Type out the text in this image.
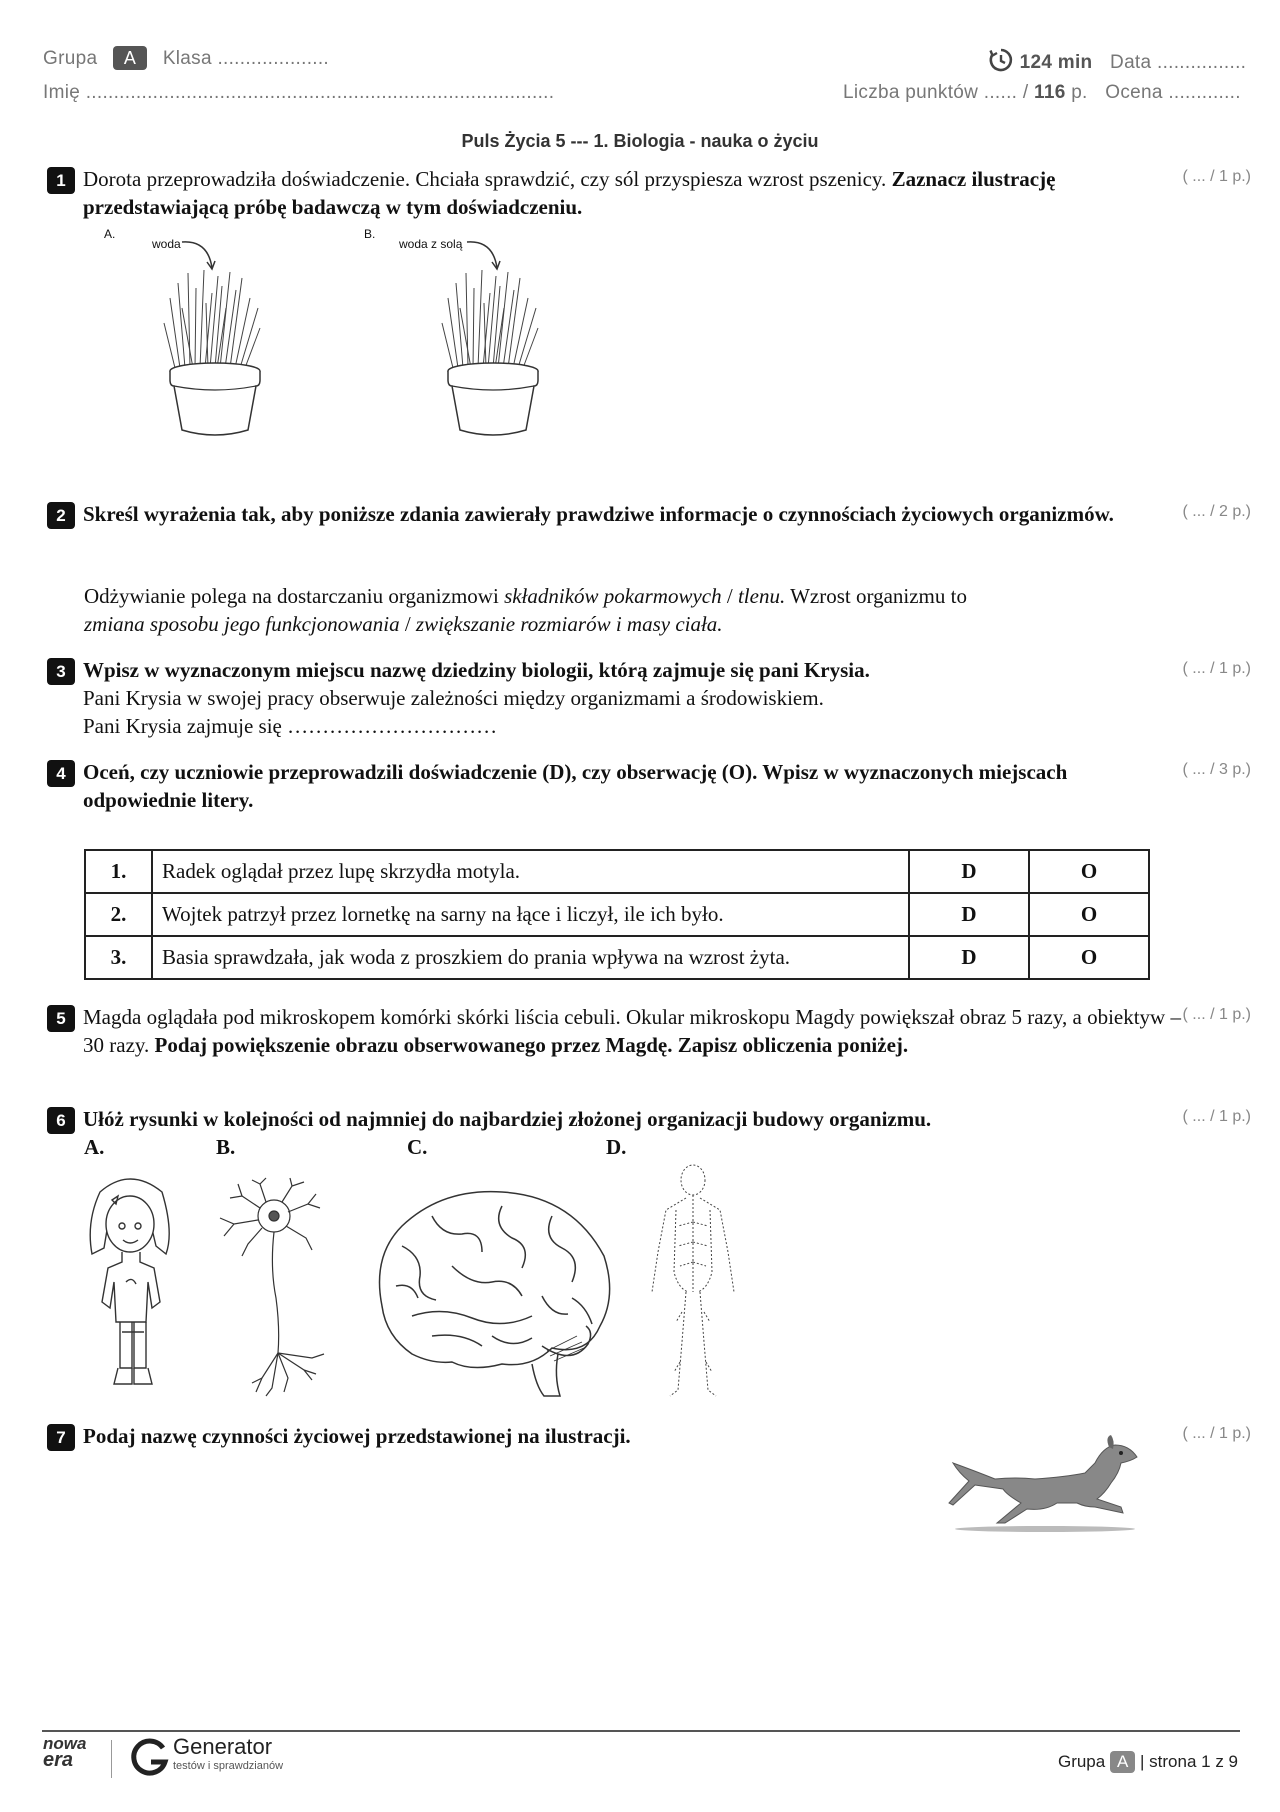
Grupa A Klasa ....................
Imię ....................................................................................
124 min Data ................
Liczba punktów ...... / 116 p. Ocena .............
Puls Życia 5 --- 1. Biologia - nauka o życiu
1 Dorota przeprowadziła doświadczenie. Chciała sprawdzić, czy sól przyspiesza wzrost pszenicy. Zaznacz ilustrację przedstawiającą próbę badawczą w tym doświadczeniu.
( ... / 1 p.)
A.
woda
B.
woda z solą
2 Skreśl wyrażenia tak, aby poniższe zdania zawierały prawdziwe informacje o czynnościach życiowych organizmów.	( ... / 2 p.)
Odżywianie polega na dostarczaniu organizmowi składników pokarmowych / tlenu. Wzrost organizmu to
zmiana sposobu jego funkcjonowania / zwiększanie rozmiarów i masy ciała.
3 Wpisz w wyznaczonym miejscu nazwę dziedziny biologii, którą zajmuje się pani Krysia.
Pani Krysia w swojej pracy obserwuje zależności między organizmami a środowiskiem.
Pani Krysia zajmuje się …………………………
( ... / 1 p.)
4 Oceń, czy uczniowie przeprowadzili doświadczenie (D), czy obserwację (O). Wpisz w wyznaczonych miejscach odpowiednie litery.
( ... / 3 p.)
1.	Radek oglądał przez lupę skrzydła motyla.	D	O
2.	Wojtek patrzył przez lornetkę na sarny na łące i liczył, ile ich było.	D	O
3.	Basia sprawdzała, jak woda z proszkiem do prania wpływa na wzrost żyta.	D	O
5 Magda oglądała pod mikroskopem komórki skórki liścia cebuli. Okular mikroskopu Magdy powiększał obraz 5 razy, a obiektyw – 30 razy. Podaj powiększenie obrazu obserwowanego przez Magdę. Zapisz obliczenia poniżej.
( ... / 1 p.)
6 Ułóż rysunki w kolejności od najmniej do najbardziej złożonej organizacji budowy organizmu.	( ... / 1 p.)
A.	B.	C.	D.
7 Podaj nazwę czynności życiowej przedstawionej na ilustracji.	( ... / 1 p.)
nowa
era
Generator
testów i sprawdzianów	Grupa A | strona 1 z 9
